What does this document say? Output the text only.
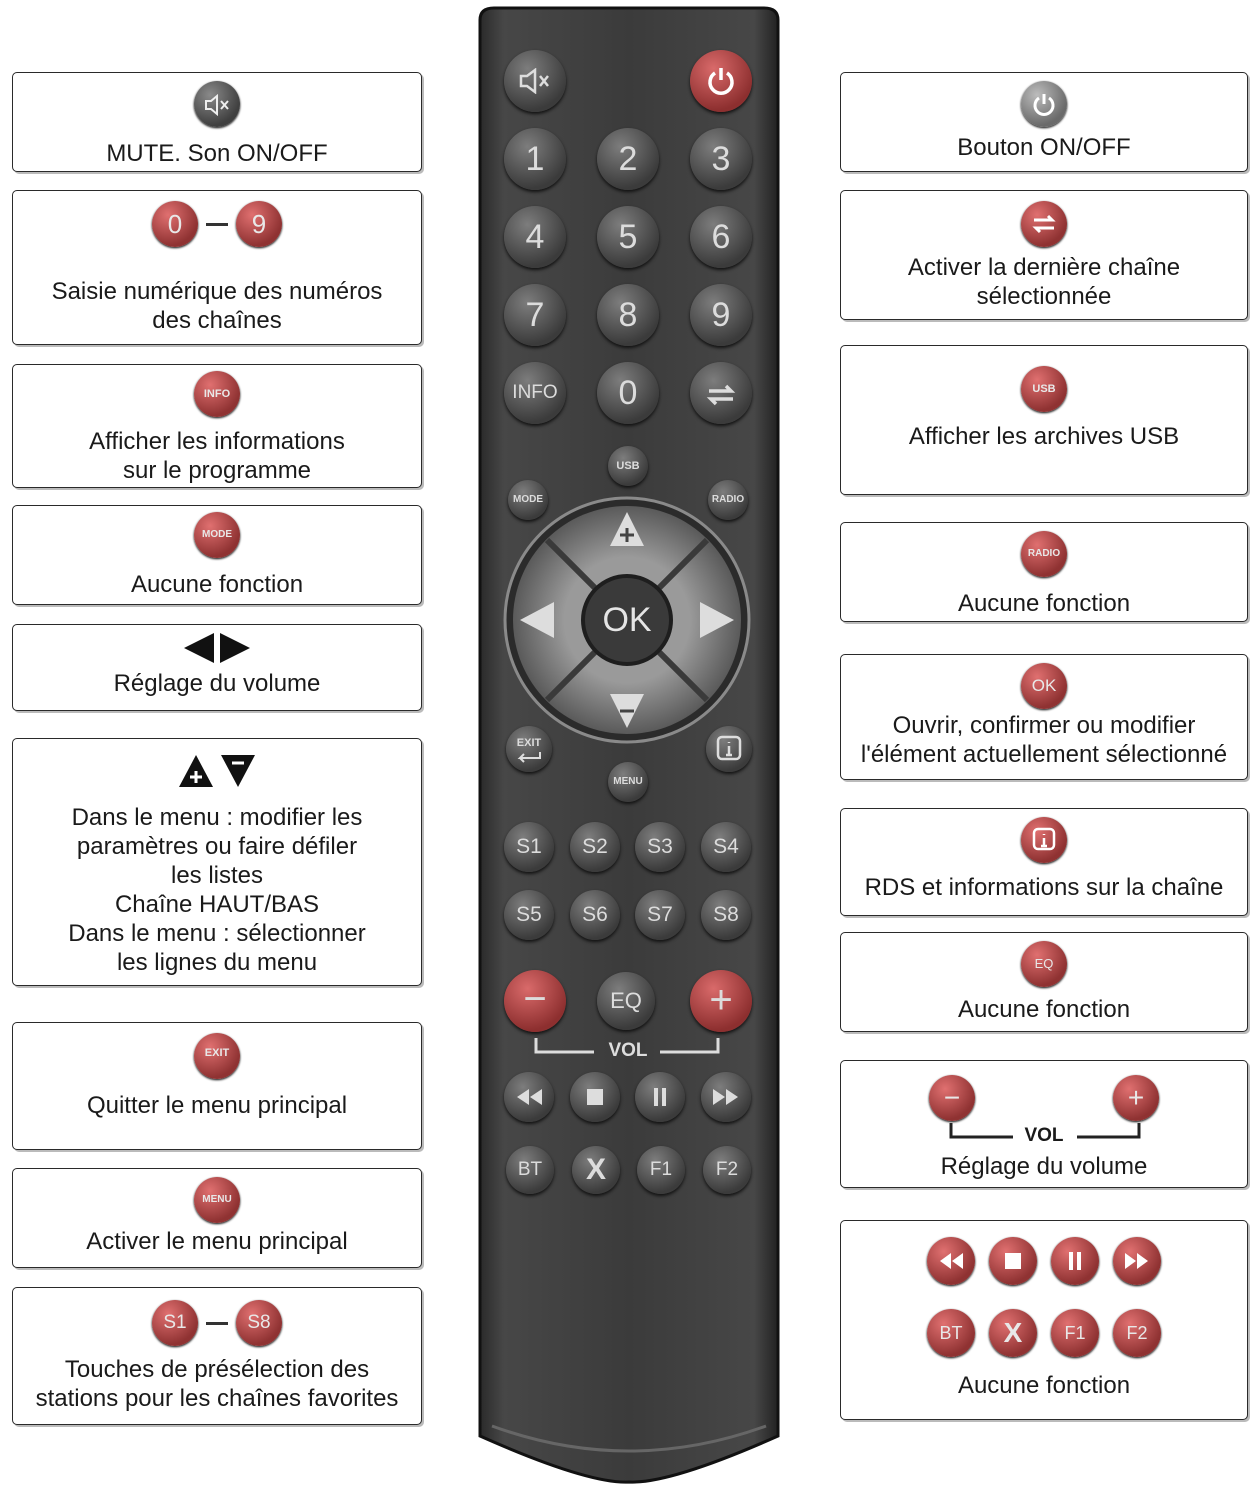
MUTE. Son ON/OFF
0	9
Saisie numérique des numéros
des chaînes
INFO
Afficher les informations
sur le programme
MODE
Aucune fonction
Réglage du volume
Dans le menu : modifier les
paramètres ou faire défiler
les listes
Chaîne HAUT/BAS
Dans le menu : sélectionner
les lignes du menu
EXIT
Quitter le menu principal
MENU
Activer le menu principal
S1	S8
Touches de présélection des
stations pour les chaînes favorites
Bouton ON/OFF
Activer la dernière chaîne
sélectionnée
USB
Afficher les archives USB
RADIO
Aucune fonction
OK
Ouvrir, confirmer ou modifier
l'élément actuellement sélectionné
RDS et informations sur la chaîne
EQ
Aucune fonction
−	+
VOL
Réglage du volume
BT X F1 F2
Aucune fonction
1	2	3
4	5	6
7	8	9
INFO	0
USB
MODE	RADIO
OK
EXIT
MENU
S1	S2	S3	S4
S5	S6	S7	S8
−	EQ	+
VOL
BT	X	F1	F2
